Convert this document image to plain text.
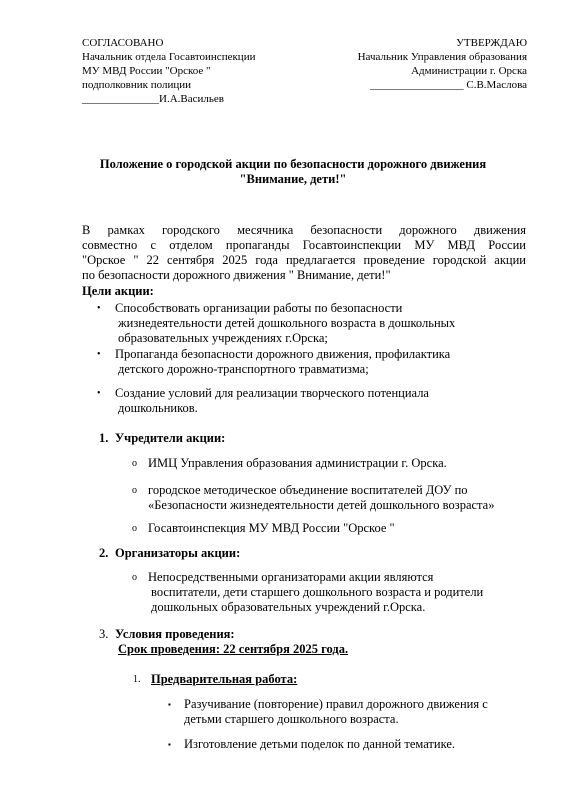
СОГЛАСОВАНО
Начальник отдела Госавтоинспекции
МУ МВД России "Орское "
подполковник полиции
______________И.А.Васильев
УТВЕРЖДАЮ
Начальник Управления образования
Администрации г. Орска
_________________ С.В.Маслова
Положение о городской акции по безопасности дорожного движения
"Внимание, дети!"
В рамках городского месячника безопасности дорожного движения
совместно с отделом пропаганды Госавтоинспекции МУ МВД России
"Орское " 22 сентября 2025 года предлагается проведение городской акции
по безопасности дорожного движения " Внимание, дети!"
Цели акции:
• Способствовать организации работы по безопасности
жизнедеятельности детей дошкольного возраста в дошкольных
образовательных учреждениях г.Орска;
• Пропаганда безопасности дорожного движения, профилактика
детского дорожно-транспортного травматизма;
• Создание условий для реализации творческого потенциала
дошкольников.
1. Учредители акции:
o ИМЦ Управления образования администрации г. Орска.
o городское методическое объединение воспитателей ДОУ по
«Безопасности жизнедеятельности детей дошкольного возраста»
o Госавтоинспекция МУ МВД России "Орское "
2. Организаторы акции:
o Непосредственными организаторами акции являются
воспитатели, дети старшего дошкольного возраста и родители
дошкольных образовательных учреждений г.Орска.
3. Условия проведения:
Срок проведения: 22 сентября 2025 года.
1. Предварительная работа:
▪ Разучивание (повторение) правил дорожного движения с
детьми старшего дошкольного возраста.
▪ Изготовление детьми поделок по данной тематике.
